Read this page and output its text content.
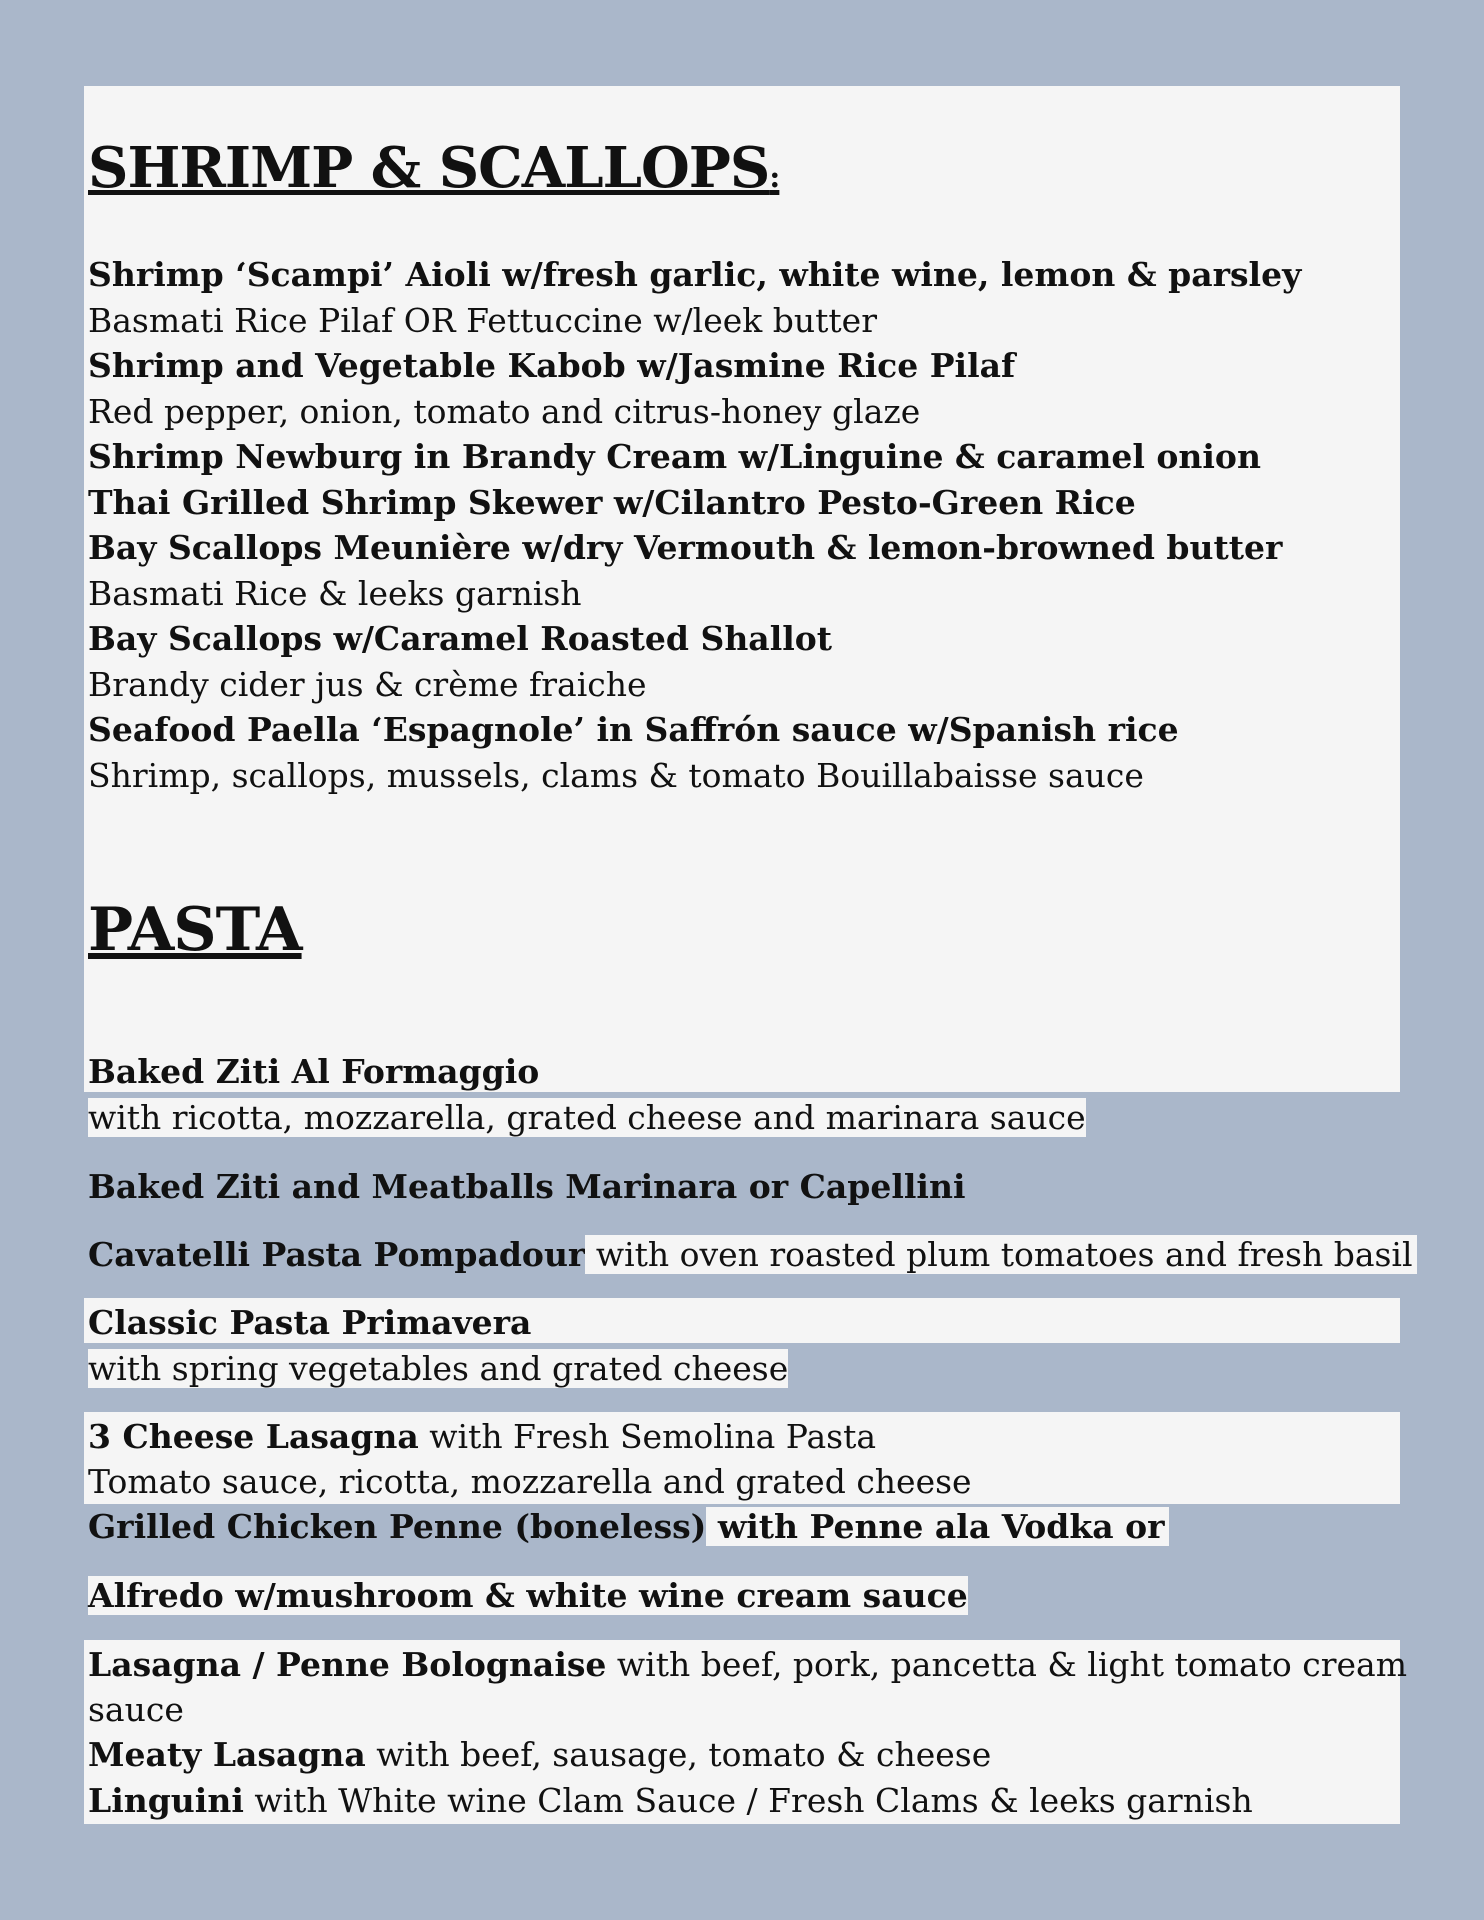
SHRIMP & SCALLOPS:
Shrimp ‘Scampi’ Aioli w/fresh garlic, white wine, lemon & parsley
Basmati Rice Pilaf OR Fettuccine w/leek butter
Shrimp and Vegetable Kabob w/Jasmine Rice Pilaf
Red pepper, onion, tomato and citrus-honey glaze
Shrimp Newburg in Brandy Cream w/Linguine & caramel onion
Thai Grilled Shrimp Skewer w/Cilantro Pesto-Green Rice
Bay Scallops Meunière w/dry Vermouth & lemon-browned butter
Basmati Rice & leeks garnish
Bay Scallops w/Caramel Roasted Shallot
Brandy cider jus & crème fraiche
Seafood Paella ‘Espagnole’ in Saffrón sauce w/Spanish rice
Shrimp, scallops, mussels, clams & tomato Bouillabaisse sauce
PASTA
Baked Ziti Al Formaggio
with ricotta, mozzarella, grated cheese and marinara sauce
Baked Ziti and Meatballs Marinara or Capellini
Cavatelli Pasta Pompadour with oven roasted plum tomatoes and fresh basil
Classic Pasta Primavera
with spring vegetables and grated cheese
3 Cheese Lasagna with Fresh Semolina Pasta
Tomato sauce, ricotta, mozzarella and grated cheese
Grilled Chicken Penne (boneless) with Penne ala Vodka or
Alfredo w/mushroom & white wine cream sauce
Lasagna / Penne Bolognaise with beef, pork, pancetta & light tomato cream
sauce
Meaty Lasagna with beef, sausage, tomato & cheese
Linguini with White wine Clam Sauce / Fresh Clams & leeks garnish
